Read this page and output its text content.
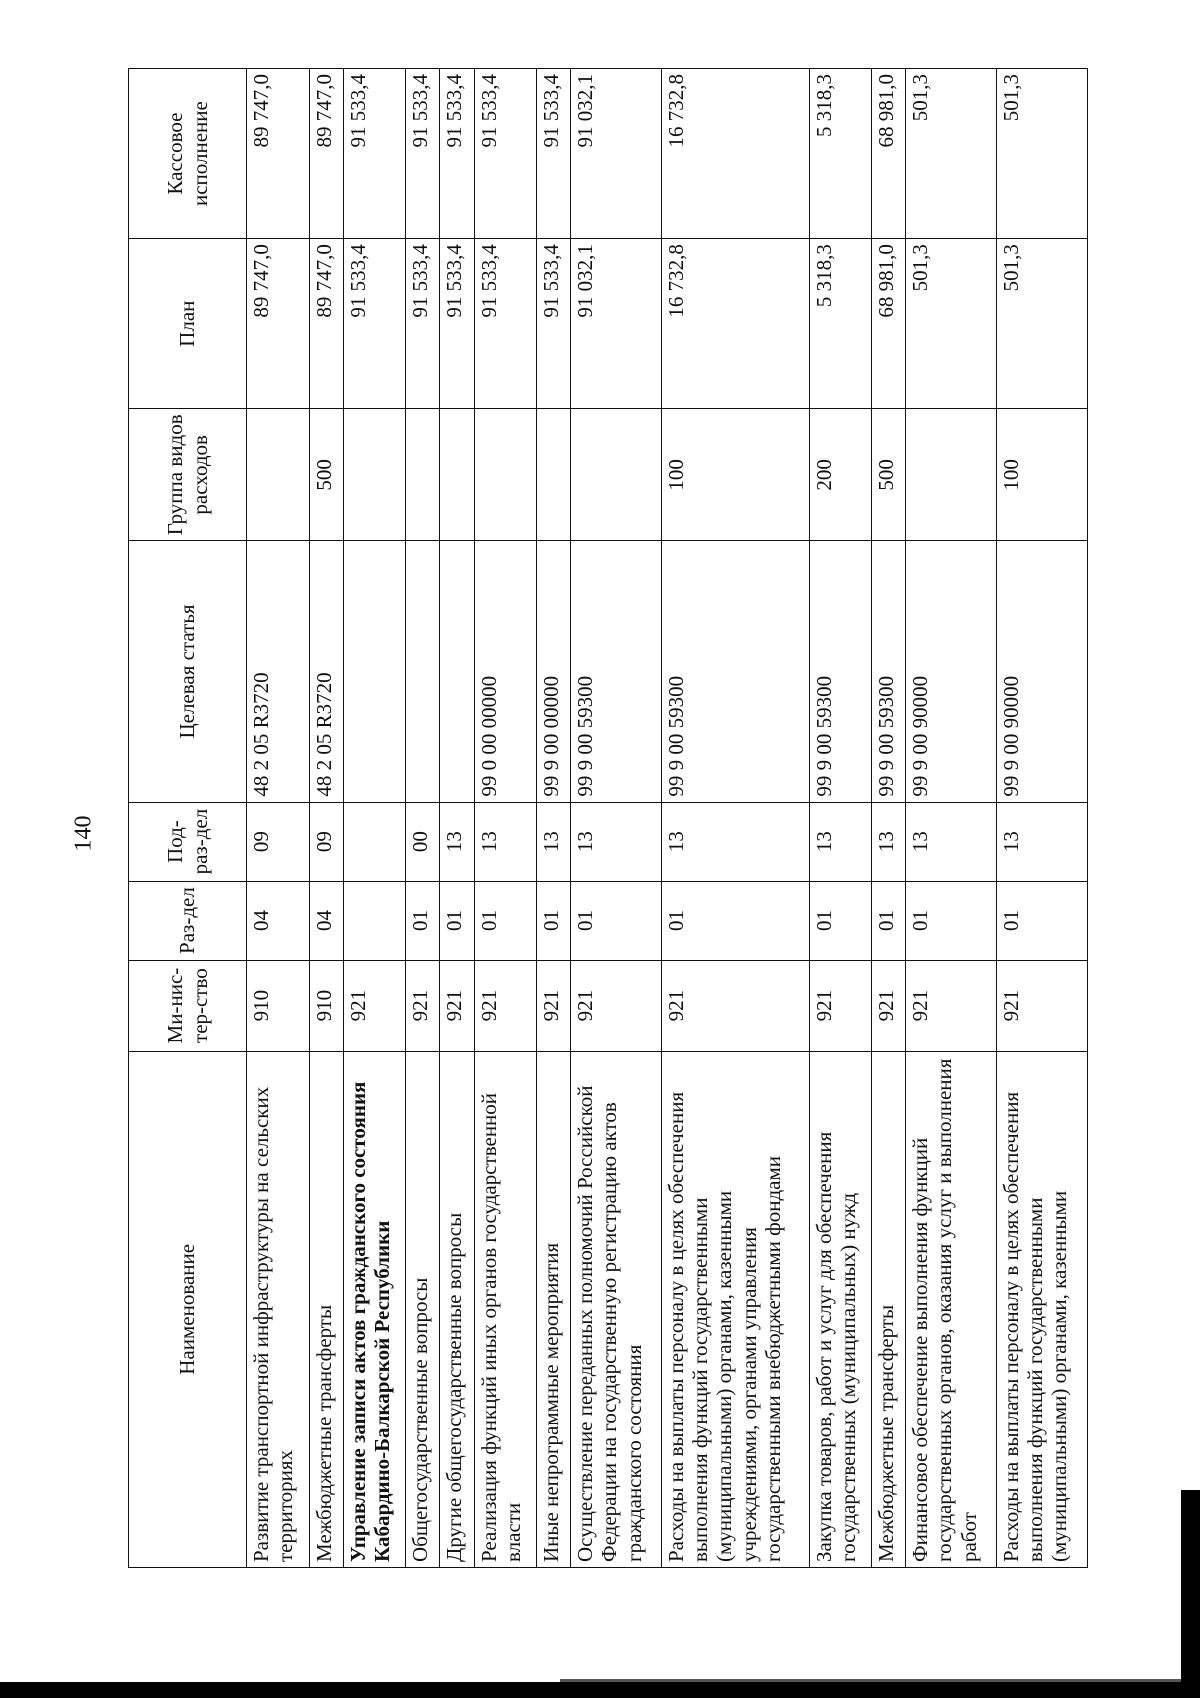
140
Наименование	Ми-нис-тер-ство	Раз-дел	Под-раз-дел	Целевая статья	Группа видов расходов	План	Кассовое исполнение
Развитие транспортной инфраструктуры на сельских территориях	910	04	09	48 2 05 R3720		89 747,0	89 747,0
Межбюджетные трансферты	910	04	09	48 2 05 R3720	500	89 747,0	89 747,0
Управление записи актов гражданского состояния Кабардино-Балкарской Республики	921					91 533,4	91 533,4
Общегосударственные вопросы	921	01	00			91 533,4	91 533,4
Другие общегосударственные вопросы	921	01	13			91 533,4	91 533,4
Реализация функций иных органов государственной власти	921	01	13	99 0 00 00000		91 533,4	91 533,4
Иные непрограммные мероприятия	921	01	13	99 9 00 00000		91 533,4	91 533,4
Осуществление переданных полномочий Российской Федерации на государственную регистрацию актов гражданского состояния	921	01	13	99 9 00 59300		91 032,1	91 032,1
Расходы на выплаты персоналу в целях обеспечения выполнения функций государственными (муниципальными) органами, казенными учреждениями, органами управления государственными внебюджетными фондами	921	01	13	99 9 00 59300	100	16 732,8	16 732,8
Закупка товаров, работ и услуг для обеспечения государственных (муниципальных) нужд	921	01	13	99 9 00 59300	200	5 318,3	5 318,3
Межбюджетные трансферты	921	01	13	99 9 00 59300	500	68 981,0	68 981,0
Финансовое обеспечение выполнения функций государственных органов, оказания услуг и выполнения работ	921	01	13	99 9 00 90000		501,3	501,3
Расходы на выплаты персоналу в целях обеспечения выполнения функций государственными (муниципальными) органами, казенными	921	01	13	99 9 00 90000	100	501,3	501,3
